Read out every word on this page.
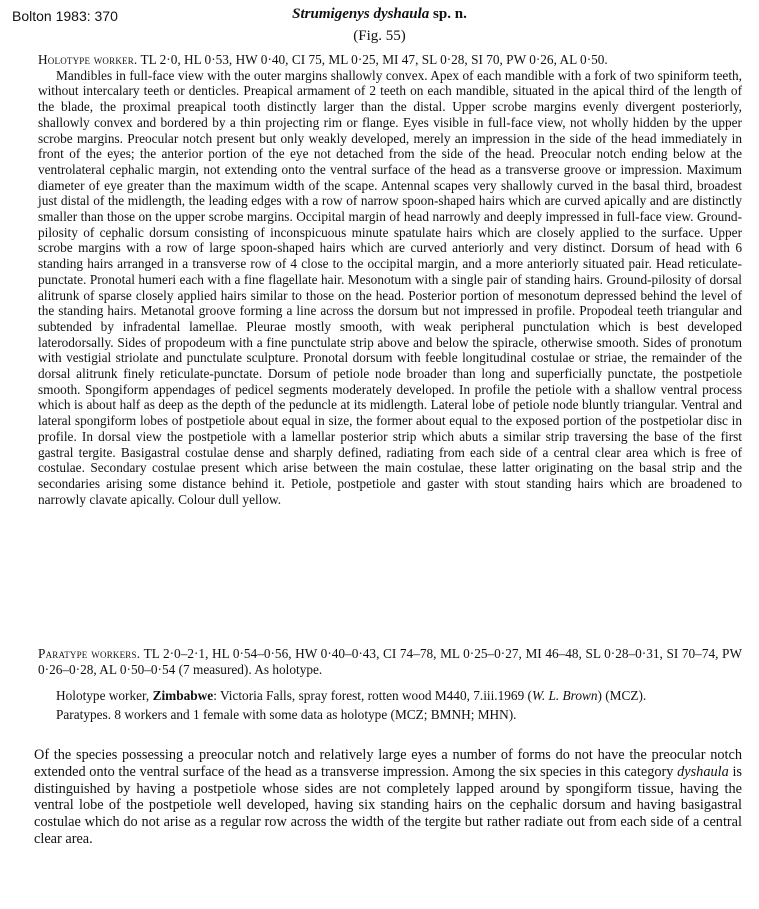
Bolton 1983: 370	Strumigenys dyshaula sp. n.
(Fig. 55)

Holotype worker. TL 2·0, HL 0·53, HW 0·40, CI 75, ML 0·25, MI 47, SL 0·28, SI 70, PW 0·26, AL 0·50.

Mandibles in full-face view with the outer margins shallowly convex. Apex of each mandible with a fork of two spiniform teeth, without intercalary teeth or denticles. Preapical armament of 2 teeth on each mandible, situated in the apical third of the length of the blade, the proximal preapical tooth distinctly larger than the distal. Upper scrobe margins evenly divergent posteriorly, shallowly convex and bordered by a thin projecting rim or flange. Eyes visible in full-face view, not wholly hidden by the upper scrobe margins. Preocular notch present but only weakly developed, merely an impression in the side of the head immediately in front of the eyes; the anterior portion of the eye not detached from the side of the head. Preocular notch ending below at the ventrolateral cephalic margin, not extending onto the ventral surface of the head as a transverse groove or impression. Maximum diameter of eye greater than the maximum width of the scape. Antennal scapes very shallowly curved in the basal third, broadest just distal of the midlength, the leading edges with a row of narrow spoon-shaped hairs which are curved apically and are distinctly smaller than those on the upper scrobe margins. Occipital margin of head narrowly and deeply impressed in full-face view. Ground-pilosity of cephalic dorsum consisting of inconspicuous minute spatulate hairs which are closely applied to the surface. Upper scrobe margins with a row of large spoon-shaped hairs which are curved anteriorly and very distinct. Dorsum of head with 6 standing hairs arranged in a transverse row of 4 close to the occipital margin, and a more anteriorly situated pair. Head reticulate-punctate. Pronotal humeri each with a fine flagellate hair. Mesonotum with a single pair of standing hairs. Ground-pilosity of dorsal alitrunk of sparse closely applied hairs similar to those on the head. Posterior portion of mesonotum depressed behind the level of the standing hairs. Metanotal groove forming a line across the dorsum but not impressed in profile. Propodeal teeth triangular and subtended by infradental lamellae. Pleurae mostly smooth, with weak peripheral punctulation which is best developed laterodorsally. Sides of propodeum with a fine punctulate strip above and below the spiracle, otherwise smooth. Sides of pronotum with vestigial striolate and punctulate sculpture. Pronotal dorsum with feeble longitudinal costulae or striae, the remainder of the dorsal alitrunk finely reticulate-punctate. Dorsum of petiole node broader than long and superficially punctate, the postpetiole smooth. Spongiform appendages of pedicel segments moderately developed. In profile the petiole with a shallow ventral process which is about half as deep as the depth of the peduncle at its midlength. Lateral lobe of petiole node bluntly triangular. Ventral and lateral spongiform lobes of postpetiole about equal in size, the former about equal to the exposed portion of the postpetiolar disc in profile. In dorsal view the postpetiole with a lamellar posterior strip which abuts a similar strip traversing the base of the first gastral tergite. Basigastral costulae dense and sharply defined, radiating from each side of a central clear area which is free of costulae. Secondary costulae present which arise between the main costulae, these latter originating on the basal strip and the secondaries arising some distance behind it. Petiole, postpetiole and gaster with stout standing hairs which are broadened to narrowly clavate apically. Colour dull yellow.

Paratype workers. TL 2·0–2·1, HL 0·54–0·56, HW 0·40–0·43, CI 74–78, ML 0·25–0·27, MI 46–48, SL 0·28–0·31, SI 70–74, PW 0·26–0·28, AL 0·50–0·54 (7 measured). As holotype.

Holotype worker, Zimbabwe: Victoria Falls, spray forest, rotten wood M440, 7.iii.1969 (W. L. Brown) (MCZ).

Paratypes. 8 workers and 1 female with some data as holotype (MCZ; BMNH; MHN).

Of the species possessing a preocular notch and relatively large eyes a number of forms do not have the preocular notch extended onto the ventral surface of the head as a transverse impression. Among the six species in this category dyshaula is distinguished by having a postpetiole whose sides are not completely lapped around by spongiform tissue, having the ventral lobe of the postpetiole well developed, having six standing hairs on the cephalic dorsum and having basigastral costulae which do not arise as a regular row across the width of the tergite but rather radiate out from each side of a central clear area.
